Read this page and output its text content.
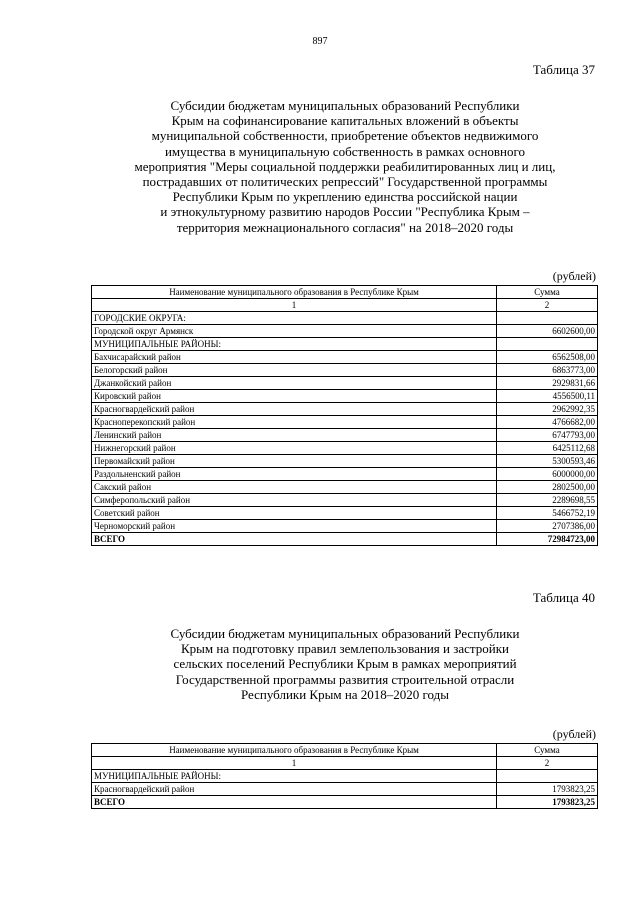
897
Таблица 37
Субсидии бюджетам муниципальных образований Республики
Крым на софинансирование капитальных вложений в объекты
муниципальной собственности, приобретение объектов недвижимого
имущества в муниципальную собственность в рамках основного
мероприятия "Меры социальной поддержки реабилитированных лиц и лиц,
пострадавших от политических репрессий" Государственной программы
Республики Крым по укреплению единства российской нации
и этнокультурному развитию народов России "Республика Крым –
территория межнационального согласия" на 2018–2020 годы
(рублей)
Наименование муниципального образования в Республике Крым	Сумма
1	2
ГОРОДСКИЕ ОКРУГА:	
Городской округ Армянск	6602600,00
МУНИЦИПАЛЬНЫЕ РАЙОНЫ:	
Бахчисарайский район	6562508,00
Белогорский район	6863773,00
Джанкойский район	2929831,66
Кировский район	4556500,11
Красногвардейский район	2962992,35
Красноперекопский район	4766682,00
Ленинский район	6747793,00
Нижнегорский район	6425112,68
Первомайский район	5300593,46
Раздольненский район	6000000,00
Сакский район	2802500,00
Симферопольский район	2289698,55
Советский район	5466752,19
Черноморский район	2707386,00
ВСЕГО	72984723,00
Таблица 40
Субсидии бюджетам муниципальных образований Республики
Крым на подготовку правил землепользования и застройки
сельских поселений Республики Крым в рамках мероприятий
Государственной программы развития строительной отрасли
Республики Крым на 2018–2020 годы
(рублей)
Наименование муниципального образования в Республике Крым	Сумма
1	2
МУНИЦИПАЛЬНЫЕ РАЙОНЫ:	
Красногвардейский район	1793823,25
ВСЕГО	1793823,25
